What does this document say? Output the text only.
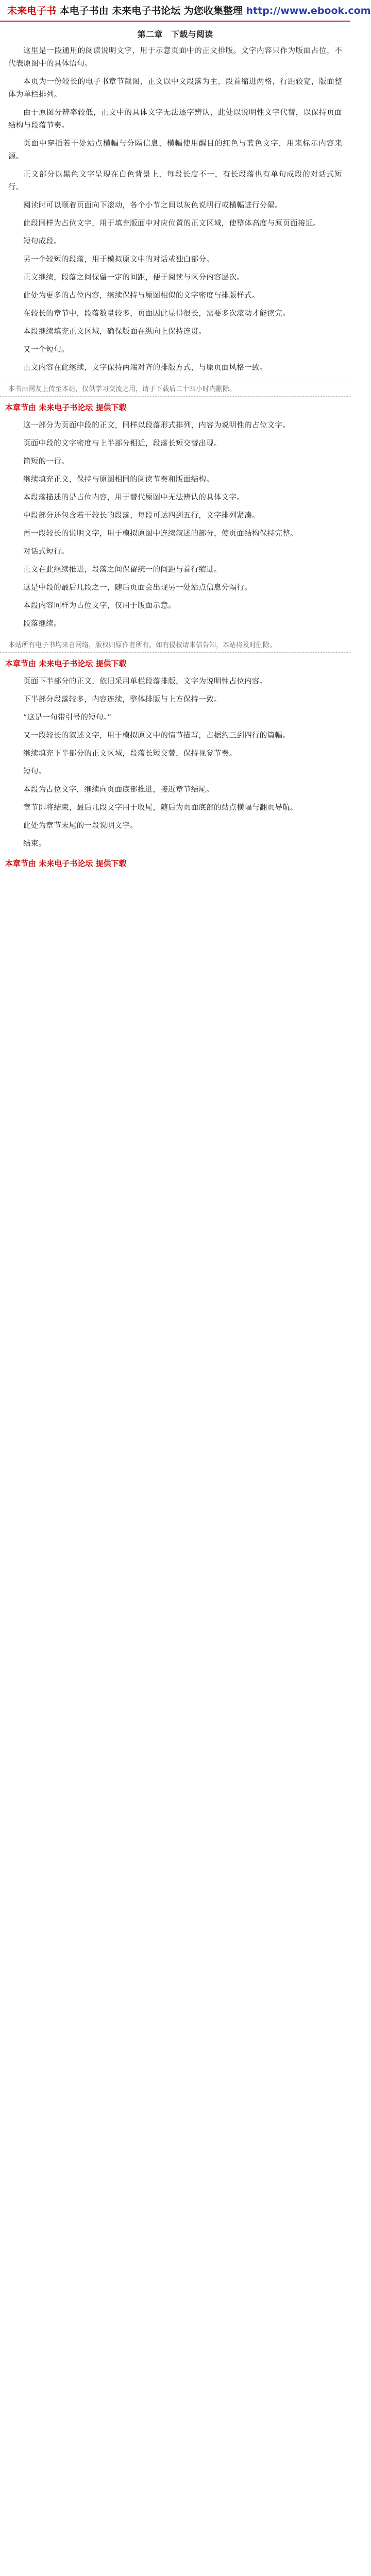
未来电子书 本电子书由 未来电子书论坛 为您收集整理 http://www.ebook.com
第二章　下载与阅读

这里是一段通用的阅读说明文字，用于示意页面中的正文排版。文字内容只作为版面占位，不代表原图中的具体语句。

本页为一份较长的电子书章节截图，正文以中文段落为主，段首缩进两格，行距较宽，版面整体为单栏排列。

由于原图分辨率较低，正文中的具体文字无法逐字辨认，此处以说明性文字代替，以保持页面结构与段落节奏。

页面中穿插若干处站点横幅与分隔信息，横幅使用醒目的红色与蓝色文字，用来标示内容来源。

正文部分以黑色文字呈现在白色背景上，每段长度不一，有长段落也有单句成段的对话式短行。

阅读时可以顺着页面向下滚动，各个小节之间以灰色说明行或横幅进行分隔。

此段同样为占位文字，用于填充版面中对应位置的正文区域，使整体高度与原页面接近。

短句成段。

另一个较短的段落，用于模拟原文中的对话或独白部分。

正文继续，段落之间保留一定的间距，便于阅读与区分内容层次。

此处为更多的占位内容，继续保持与原图相似的文字密度与排版样式。

在较长的章节中，段落数量较多，页面因此显得很长，需要多次滚动才能读完。

本段继续填充正文区域，确保版面在纵向上保持连贯。

又一个短句。

正文内容在此继续，文字保持两端对齐的排版方式，与原页面风格一致。

本书由网友上传至本站，仅供学习交流之用，请于下载后二十四小时内删除。
本章节由 未来电子书论坛 提供下载

这一部分为页面中段的正文，同样以段落形式排列，内容为说明性的占位文字。

页面中段的文字密度与上半部分相近，段落长短交替出现。

简短的一行。

继续填充正文，保持与原图相同的阅读节奏和版面结构。

本段落描述的是占位内容，用于替代原图中无法辨认的具体文字。

中段部分还包含若干较长的段落，每段可达四到五行，文字排列紧凑。

再一段较长的说明文字，用于模拟原图中连续叙述的部分，使页面结构保持完整。

对话式短行。

正文在此继续推进，段落之间保留统一的间距与首行缩进。

这是中段的最后几段之一，随后页面会出现另一处站点信息分隔行。

本段内容同样为占位文字，仅用于版面示意。

段落继续。

本站所有电子书均来自网络，版权归原作者所有。如有侵权请来信告知，本站将及时删除。
本章节由 未来电子书论坛 提供下载

页面下半部分的正文，依旧采用单栏段落排版，文字为说明性占位内容。

下半部分段落较多，内容连续，整体排版与上方保持一致。

“这是一句带引号的短句。”

又一段较长的叙述文字，用于模拟原文中的情节描写，占据约三到四行的篇幅。

继续填充下半部分的正文区域，段落长短交替，保持视觉节奏。

短句。

本段为占位文字，继续向页面底部推进，接近章节结尾。

章节即将结束，最后几段文字用于收尾，随后为页面底部的站点横幅与翻页导航。

此处为章节末尾的一段说明文字。

结束。

本章节由 未来电子书论坛 提供下载
